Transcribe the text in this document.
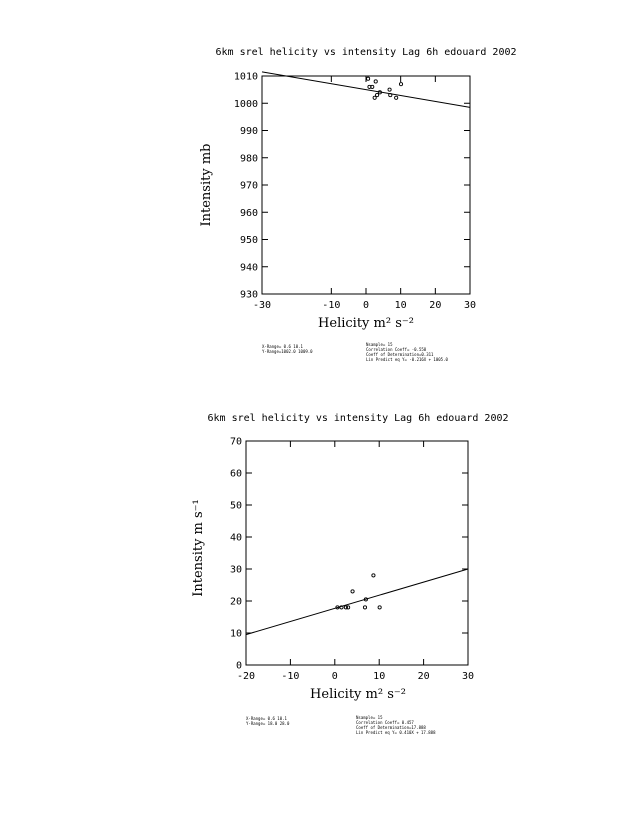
6km srel helicity vs intensity Lag 6h edouard 2002
930
940
950
960
970
980
990
1000
1010
-30	-10 0	10 20 30
Helicity m² s⁻²
Intensity mb
X-Range= 0.6 10.1
Y-Range=1002.0 1009.0
Nsample= 15
Correlation Coeff= -0.558
Coeff of Determination=0.311
Lin Predict eq Y= -0.216X + 1005.0
6km srel helicity vs intensity Lag 6h edouard 2002
0
10
20
30
40
50
60
70
-20	-10	0	10	20	30
Helicity m² s⁻²
Intensity m s⁻¹
X-Range= 0.6 10.1
Y-Range= 18.0 28.0
Nsample= 15
Correlation Coeff= 0.457
Coeff of Determination=17.888
Lin Predict eq Y= 0.410X + 17.888
